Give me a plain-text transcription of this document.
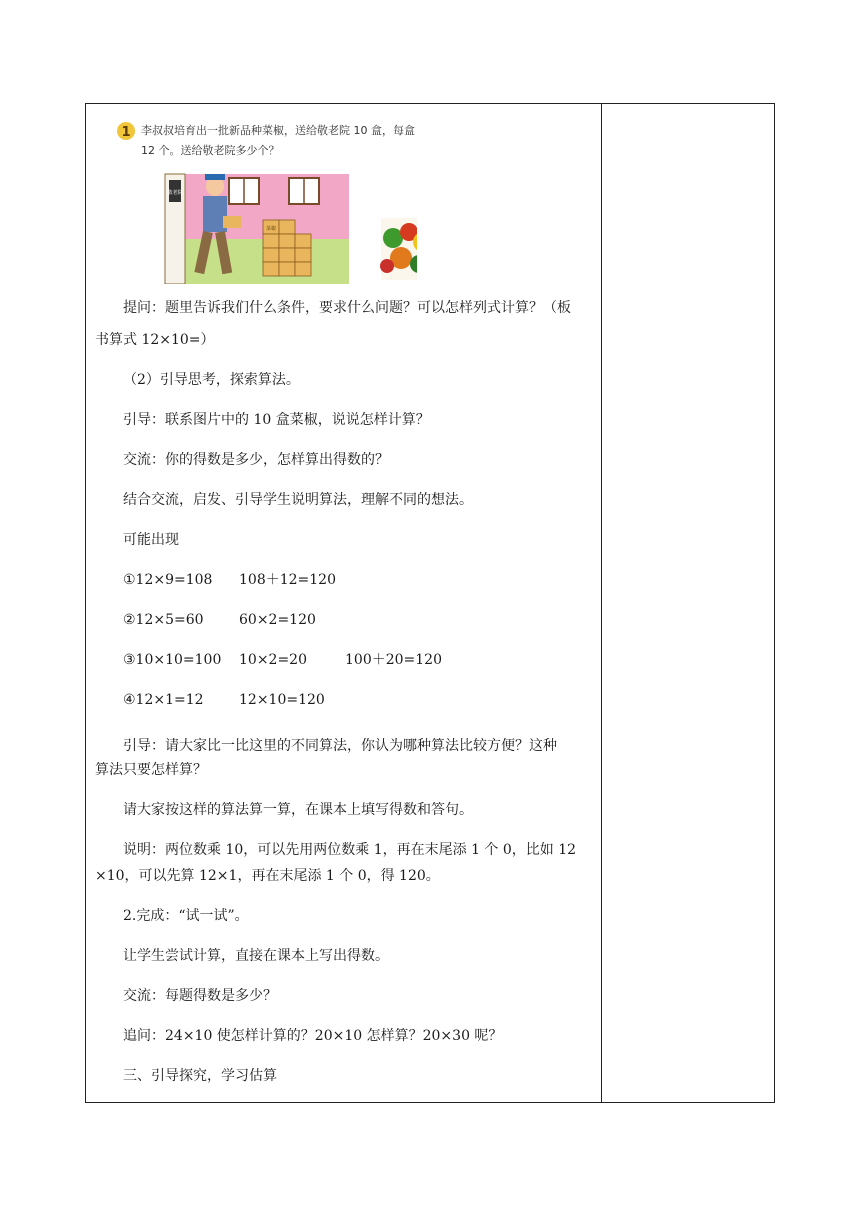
1 李叔叔培育出一批新品种菜椒，送给敬老院 10 盒，每盒
12 个。送给敬老院多少个？
敬老院
菜椒
提问：题里告诉我们什么条件，要求什么问题？可以怎样列式计算？（板
书算式 12×10=）
（2）引导思考，探索算法。
引导：联系图片中的 10 盒菜椒，说说怎样计算？
交流：你的得数是多少，怎样算出得数的？
结合交流，启发、引导学生说明算法，理解不同的想法。
可能出现
①12×9=108 108＋12=120
②12×5=60	60×2=120
③10×10=100 10×2=20	100＋20=120
④12×1=12	12×10=120
引导：请大家比一比这里的不同算法，你认为哪种算法比较方便？这种
算法只要怎样算？
请大家按这样的算法算一算，在课本上填写得数和答句。
说明：两位数乘 10，可以先用两位数乘 1，再在末尾添 1 个 0，比如 12
×10，可以先算 12×1，再在末尾添 1 个 0，得 120。
2.完成：“试一试”。
让学生尝试计算，直接在课本上写出得数。
交流：每题得数是多少？
追问：24×10 使怎样计算的？20×10 怎样算？20×30 呢？
三、引导探究，学习估算
